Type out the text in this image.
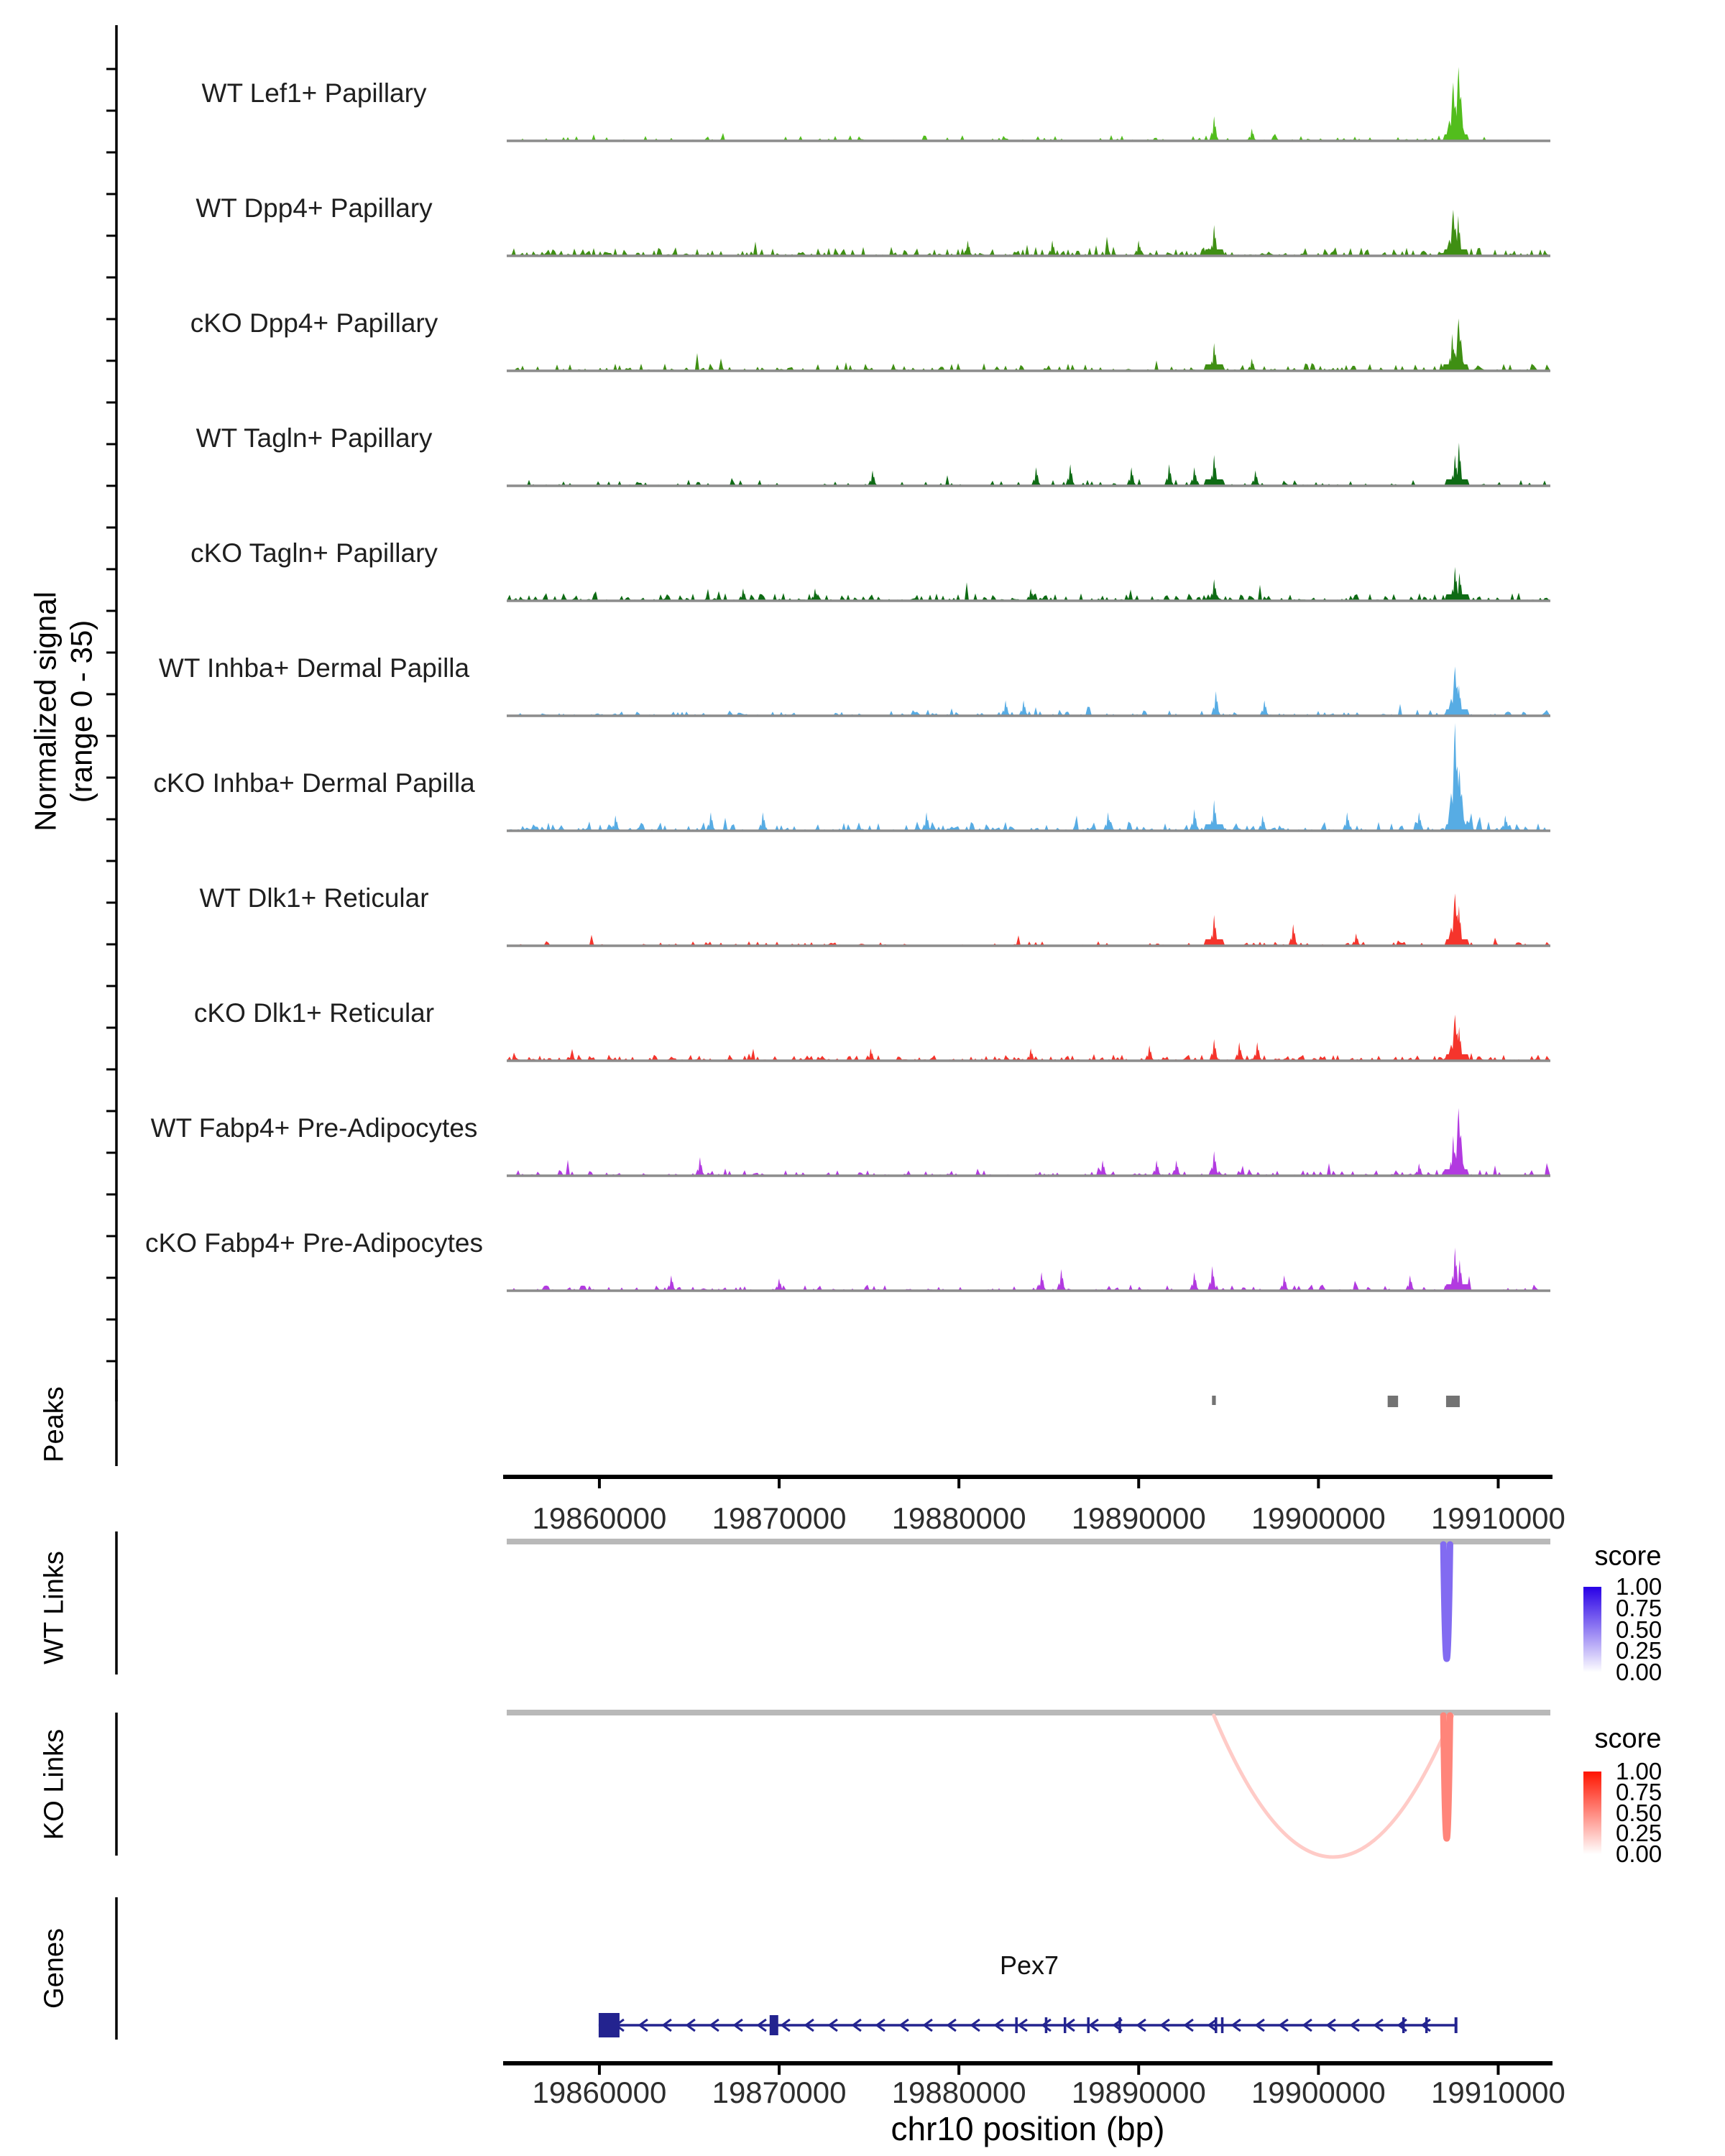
Normalized signal (range 0 - 35)
WT Lef1+ Papillary
WT Dpp4+ Papillary
cKO Dpp4+ Papillary
WT Tagln+ Papillary
cKO Tagln+ Papillary
WT Inhba+ Dermal Papilla
cKO Inhba+ Dermal Papilla
WT Dlk1+ Reticular
cKO Dlk1+ Reticular
WT Fabp4+ Pre-Adipocytes
cKO Fabp4+ Pre-Adipocytes
Peaks
WT Links
KO Links
Genes
score
1.00
0.75
0.50
0.25
0.00
score
1.00
0.75
0.50
0.25
0.00
Pex7
19860000 19870000 19880000 19890000 19900000 19910000
19860000 19870000 19880000 19890000 19900000 19910000
chr10 position (bp)
